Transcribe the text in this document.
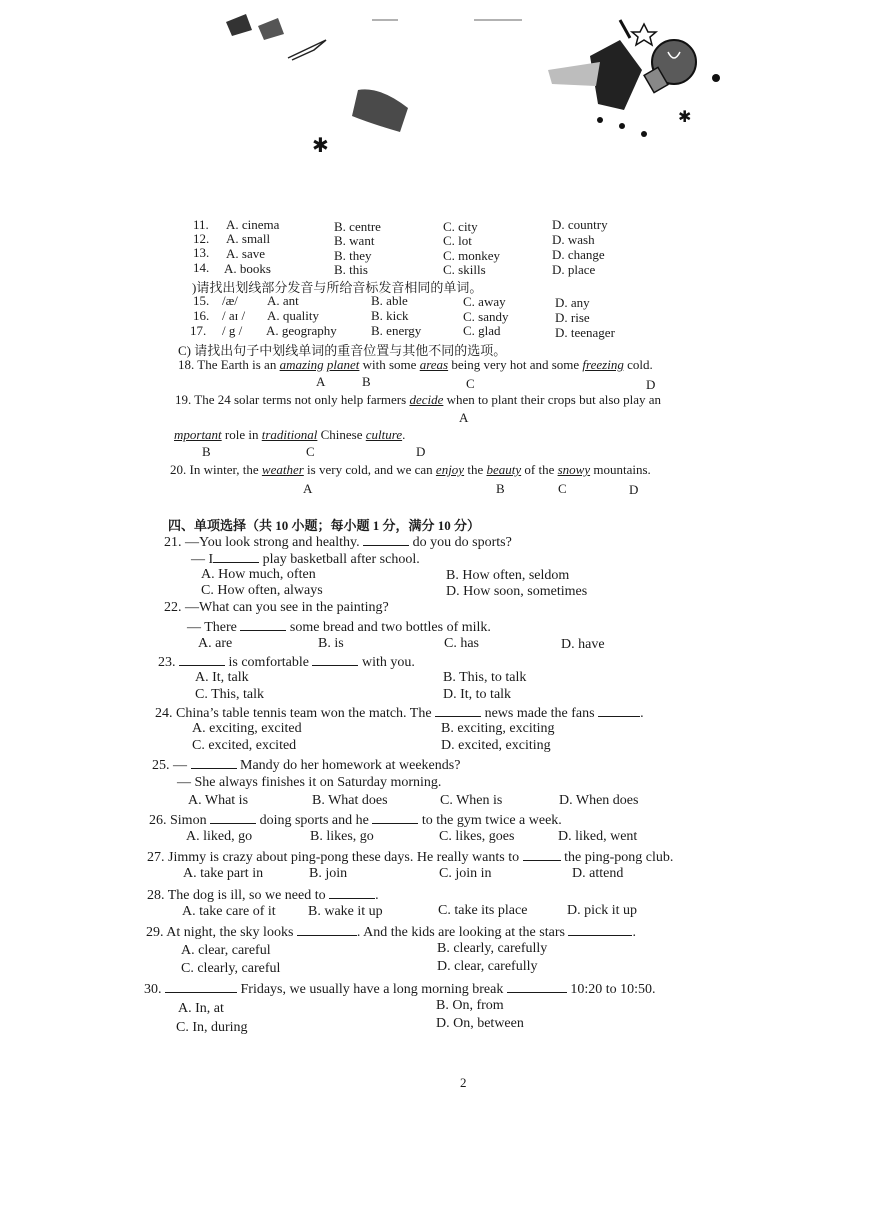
✱
✱
11. A. cinema	B. centre	C. city	D. country
12. A. small	B. want	C. lot	D. wash
13. A. save	B. they	C. monkey	D. change
14. A. books	B. this	C. skills	D. place
)请找出划线部分发音与所给音标发音相同的单词。
15. /æ/ A. ant	B. able	C. away	D. any
16. / aɪ / A. quality	B. kick	C. sandy	D. rise
17. / g / A. geography	B. energy	C. glad	D. teenager
C) 请找出句子中划线单词的重音位置与其他不同的选项。
18. The Earth is an amazing planet with some areas being very hot and some freezing cold.
A	B	C	D
19. The 24 solar terms not only help farmers decide when to plant their crops but also play an
A
mportant role in traditional Chinese culture.
B	C	D
20. In winter, the weather is very cold, and we can enjoy the beauty of the snowy mountains.
A	B	C	D
四、单项选择（共 10 小题；每小题 1 分，满分 10 分）
21. —You look strong and healthy.	do you do sports?
— I	play basketball after school.
A. How much, often	B. How often, seldom
C. How often, always	D. How soon, sometimes
22. —What can you see in the painting?
— There	some bread and two bottles of milk.
A. are	B. is	C. has	D. have
23.	is comfortable	with you.
A. It, talk	B. This, to talk
C. This, talk	D. It, to talk
24. China’s table tennis team won the match. The	news made the fans	.
A. exciting, excited	B. exciting, exciting
C. excited, excited	D. excited, exciting
25. —	Mandy do her homework at weekends?
— She always finishes it on Saturday morning.
A. What is	B. What does	C. When is	D. When does
26. Simon	doing sports and he	to the gym twice a week.
A. liked, go	B. likes, go	C. likes, goes	D. liked, went
27. Jimmy is crazy about ping-pong these days. He really wants to	the ping-pong club.
A. take part in	B. join	C. join in	D. attend
28. The dog is ill, so we need to	.
A. take care of it B. wake it up	C. take its place	D. pick it up
29. At night, the sky looks	. And the kids are looking at the stars	.
A. clear, careful	B. clearly, carefully
C. clearly, careful	D. clear, carefully
30.	Fridays, we usually have a long morning break	10:20 to 10:50.
A. In, at	B. On, from
C. In, during	D. On, between
2
